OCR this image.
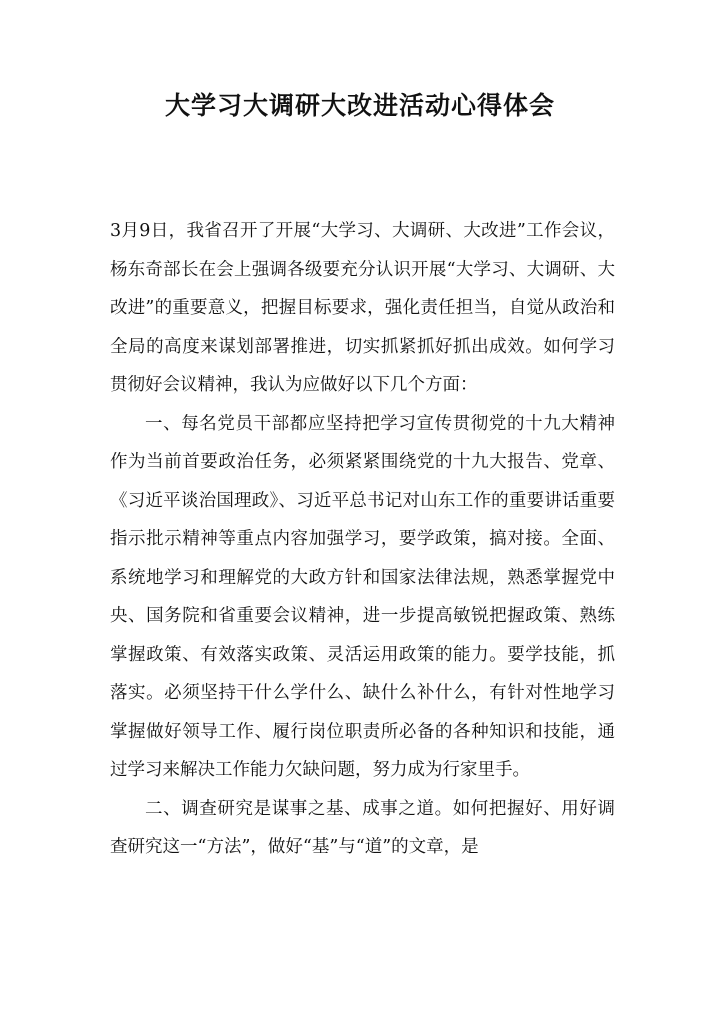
大学习大调研大改进活动心得体会

3月9日，我省召开了开展“大学习、大调研、大改进”工作会议，杨东奇部长在会上强调各级要充分认识开展“大学习、大调研、大改进”的重要意义，把握目标要求，强化责任担当，自觉从政治和全局的高度来谋划部署推进，切实抓紧抓好抓出成效。如何学习贯彻好会议精神，我认为应做好以下几个方面：

一、每名党员干部都应坚持把学习宣传贯彻党的十九大精神作为当前首要政治任务，必须紧紧围绕党的十九大报告、党章、《习近平谈治国理政》、习近平总书记对山东工作的重要讲话重要指示批示精神等重点内容加强学习，要学政策，搞对接。全面、系统地学习和理解党的大政方针和国家法律法规，熟悉掌握党中央、国务院和省重要会议精神，进一步提高敏锐把握政策、熟练掌握政策、有效落实政策、灵活运用政策的能力。要学技能，抓落实。必须坚持干什么学什么、缺什么补什么，有针对性地学习掌握做好领导工作、履行岗位职责所必备的各种知识和技能，通过学习来解决工作能力欠缺问题，努力成为行家里手。

二、调查研究是谋事之基、成事之道。如何把握好、用好调查研究这一“方法”，做好“基”与“道”的文章，是
